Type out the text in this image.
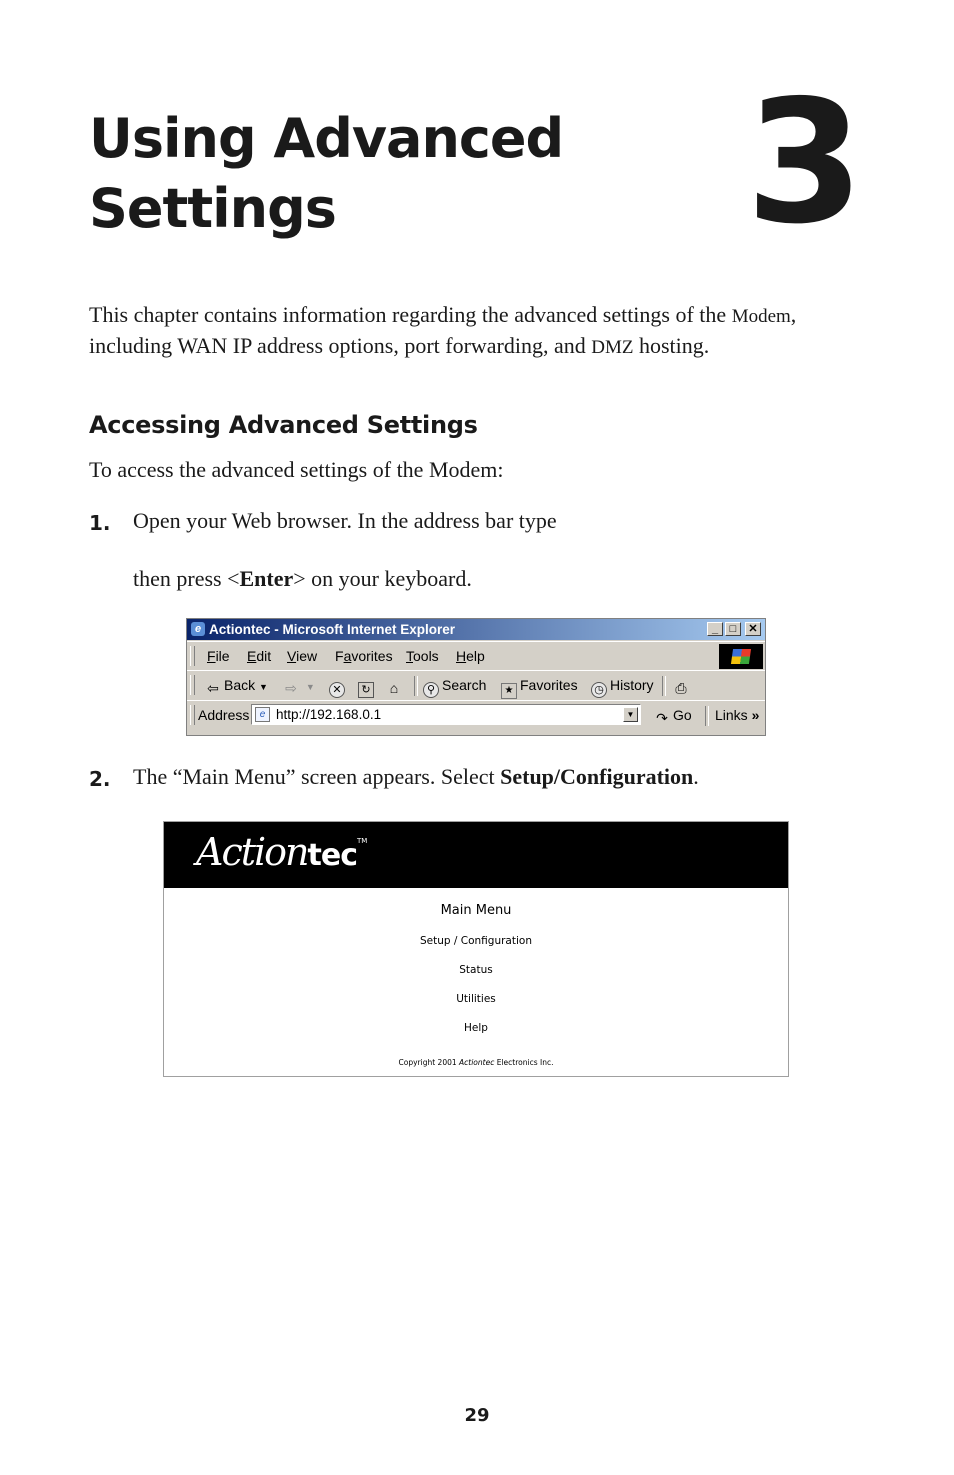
Using Advanced
Settings	3

This chapter contains information regarding the advanced settings of the Modem, including WAN IP address options, port forwarding, and DMZ hosting.

Accessing Advanced Settings

To access the advanced settings of the Modem:

1. Open your Web browser. In the address bar type

then press <Enter> on your keyboard.

e Actiontec - Microsoft Internet Explorer	_	□	✕
File Edit View Favorites Tools Help
⇦ Back ▼ ⇨ ▼	✕	↻	⌂	⚲ Search	★ Favorites ◷ History ⎙
Address	e http://192.168.0.1	▼ ↷ Go Links »
2. The “Main Menu” screen appears. Select Setup/Configuration.

Actiontec™
Main Menu
Setup / Configuration
Status
Utilities
Help
Copyright 2001 Actiontec Electronics Inc.
29
